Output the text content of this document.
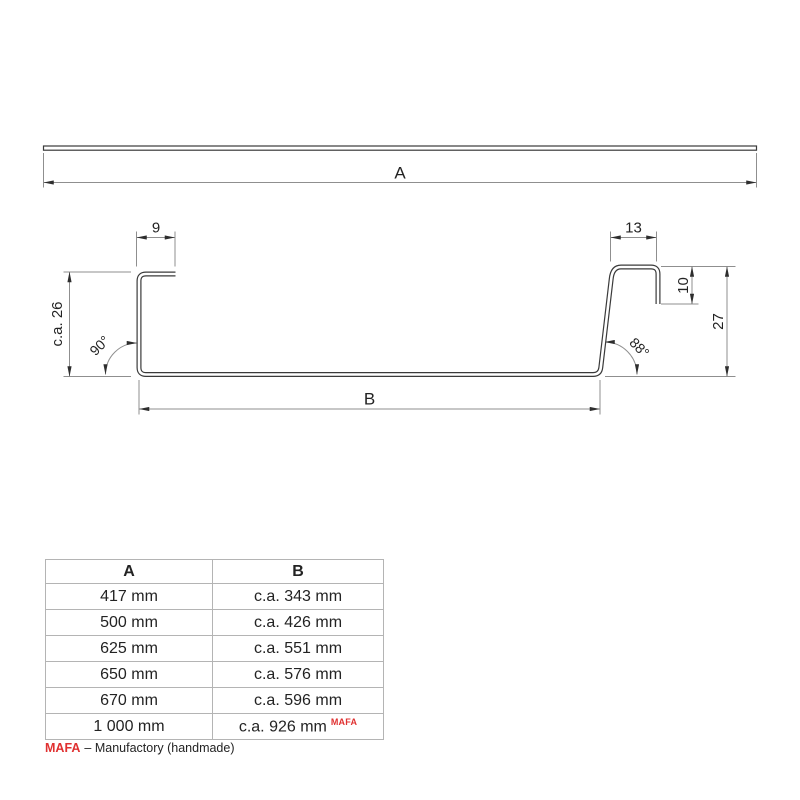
A
9	13
c.a. 26
10
27
B
90°	88°
A	B
417 mm	c.a. 343 mm
500 mm	c.a. 426 mm
625 mm	c.a. 551 mm
650 mm	c.a. 576 mm
670 mm	c.a. 596 mm
1 000 mm	c.a. 926 mm $^{MAFA}$
MAFA – Manufactory (handmade)
